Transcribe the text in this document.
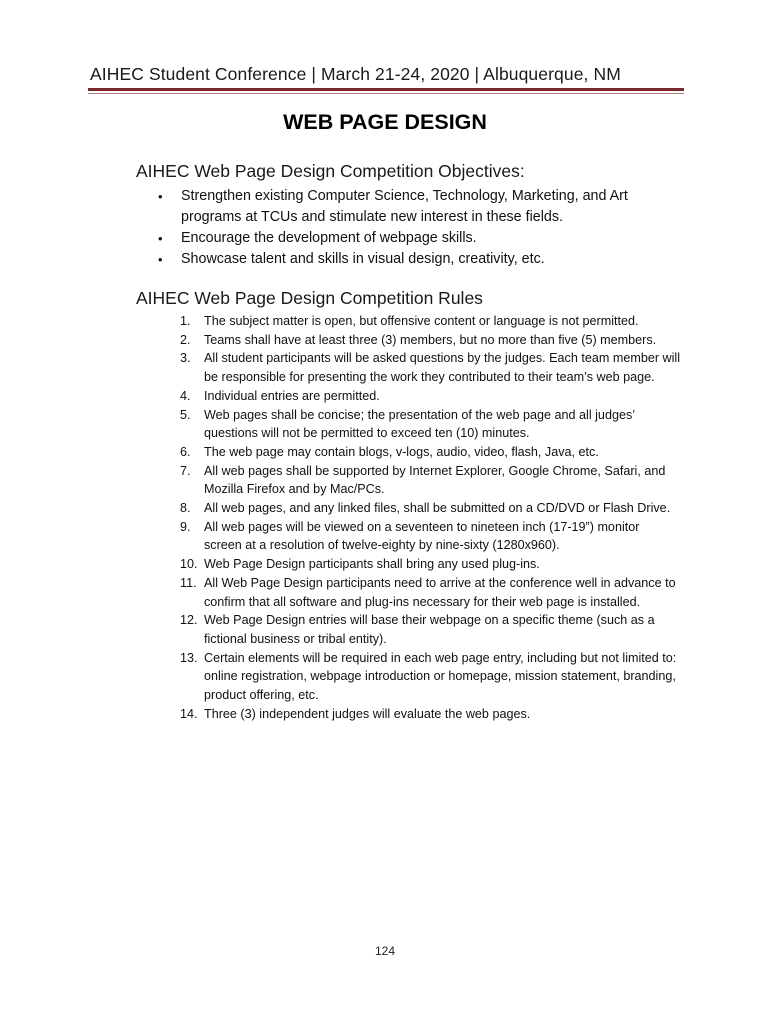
AIHEC Student Conference | March 21-24, 2020 | Albuquerque, NM
WEB PAGE DESIGN
AIHEC Web Page Design Competition Objectives:
• Strengthen existing Computer Science, Technology, Marketing, and Art programs at TCUs and stimulate new interest in these fields.
• Encourage the development of webpage skills.
• Showcase talent and skills in visual design, creativity, etc.
AIHEC Web Page Design Competition Rules
1. The subject matter is open, but offensive content or language is not permitted.
2. Teams shall have at least three (3) members, but no more than five (5) members.
3. All student participants will be asked questions by the judges. Each team member will be responsible for presenting the work they contributed to their team’s web page.
4. Individual entries are permitted.
5. Web pages shall be concise; the presentation of the web page and all judges’ questions will not be permitted to exceed ten (10) minutes.
6. The web page may contain blogs, v-logs, audio, video, flash, Java, etc.
7. All web pages shall be supported by Internet Explorer, Google Chrome, Safari, and Mozilla Firefox and by Mac/PCs.
8. All web pages, and any linked files, shall be submitted on a CD/DVD or Flash Drive.
9. All web pages will be viewed on a seventeen to nineteen inch (17-19”) monitor screen at a resolution of twelve-eighty by nine-sixty (1280x960).
10. Web Page Design participants shall bring any used plug-ins.
11. All Web Page Design participants need to arrive at the conference well in advance to confirm that all software and plug-ins necessary for their web page is installed.
12. Web Page Design entries will base their webpage on a specific theme (such as a fictional business or tribal entity).
13. Certain elements will be required in each web page entry, including but not limited to: online registration, webpage introduction or homepage, mission statement, branding, product offering, etc.
14. Three (3) independent judges will evaluate the web pages.
124
